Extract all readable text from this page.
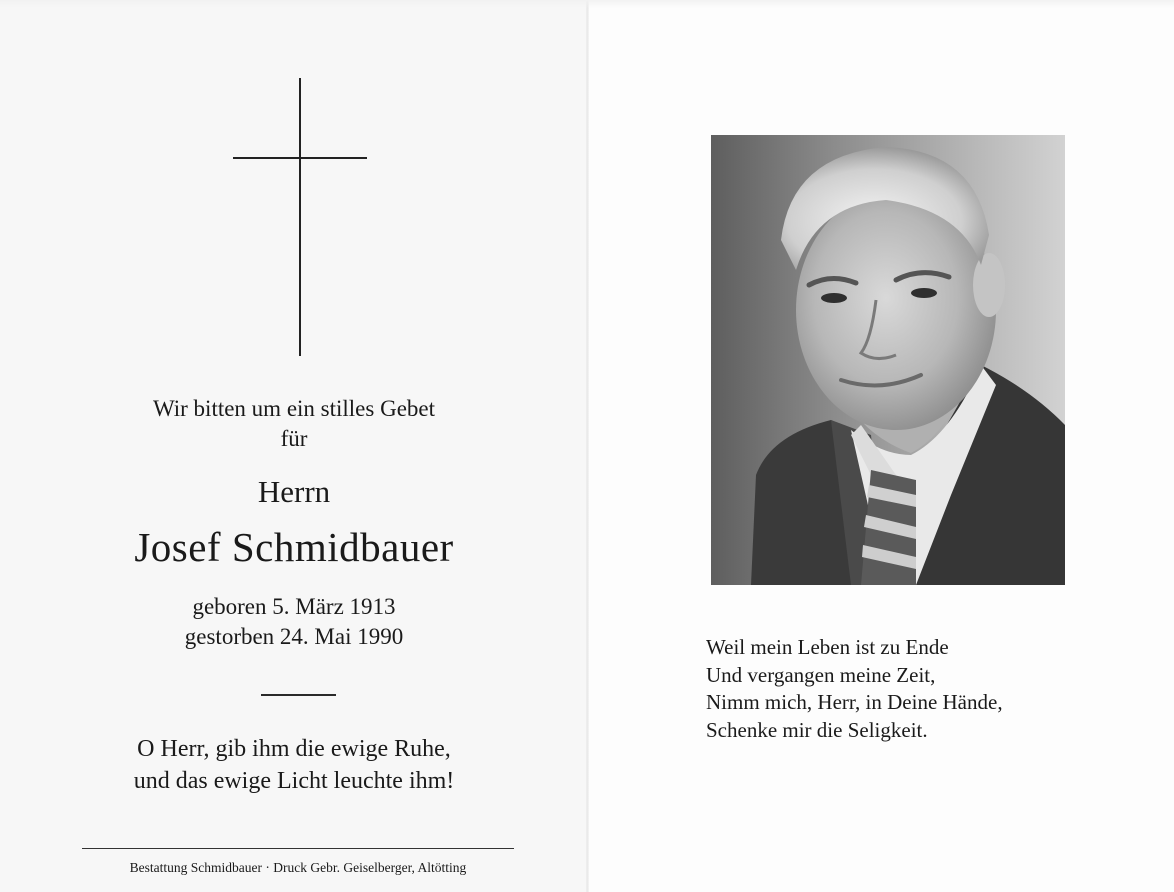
Wir bitten um ein stilles Gebet
für
Herrn
Josef Schmidbauer
geboren 5. März 1913
gestorben 24. Mai 1990
O Herr, gib ihm die ewige Ruhe,
und das ewige Licht leuchte ihm!
Bestattung Schmidbauer · Druck Gebr. Geiselberger, Altötting
Weil mein Leben ist zu Ende
Und vergangen meine Zeit,
Nimm mich, Herr, in Deine Hände,
Schenke mir die Seligkeit.
